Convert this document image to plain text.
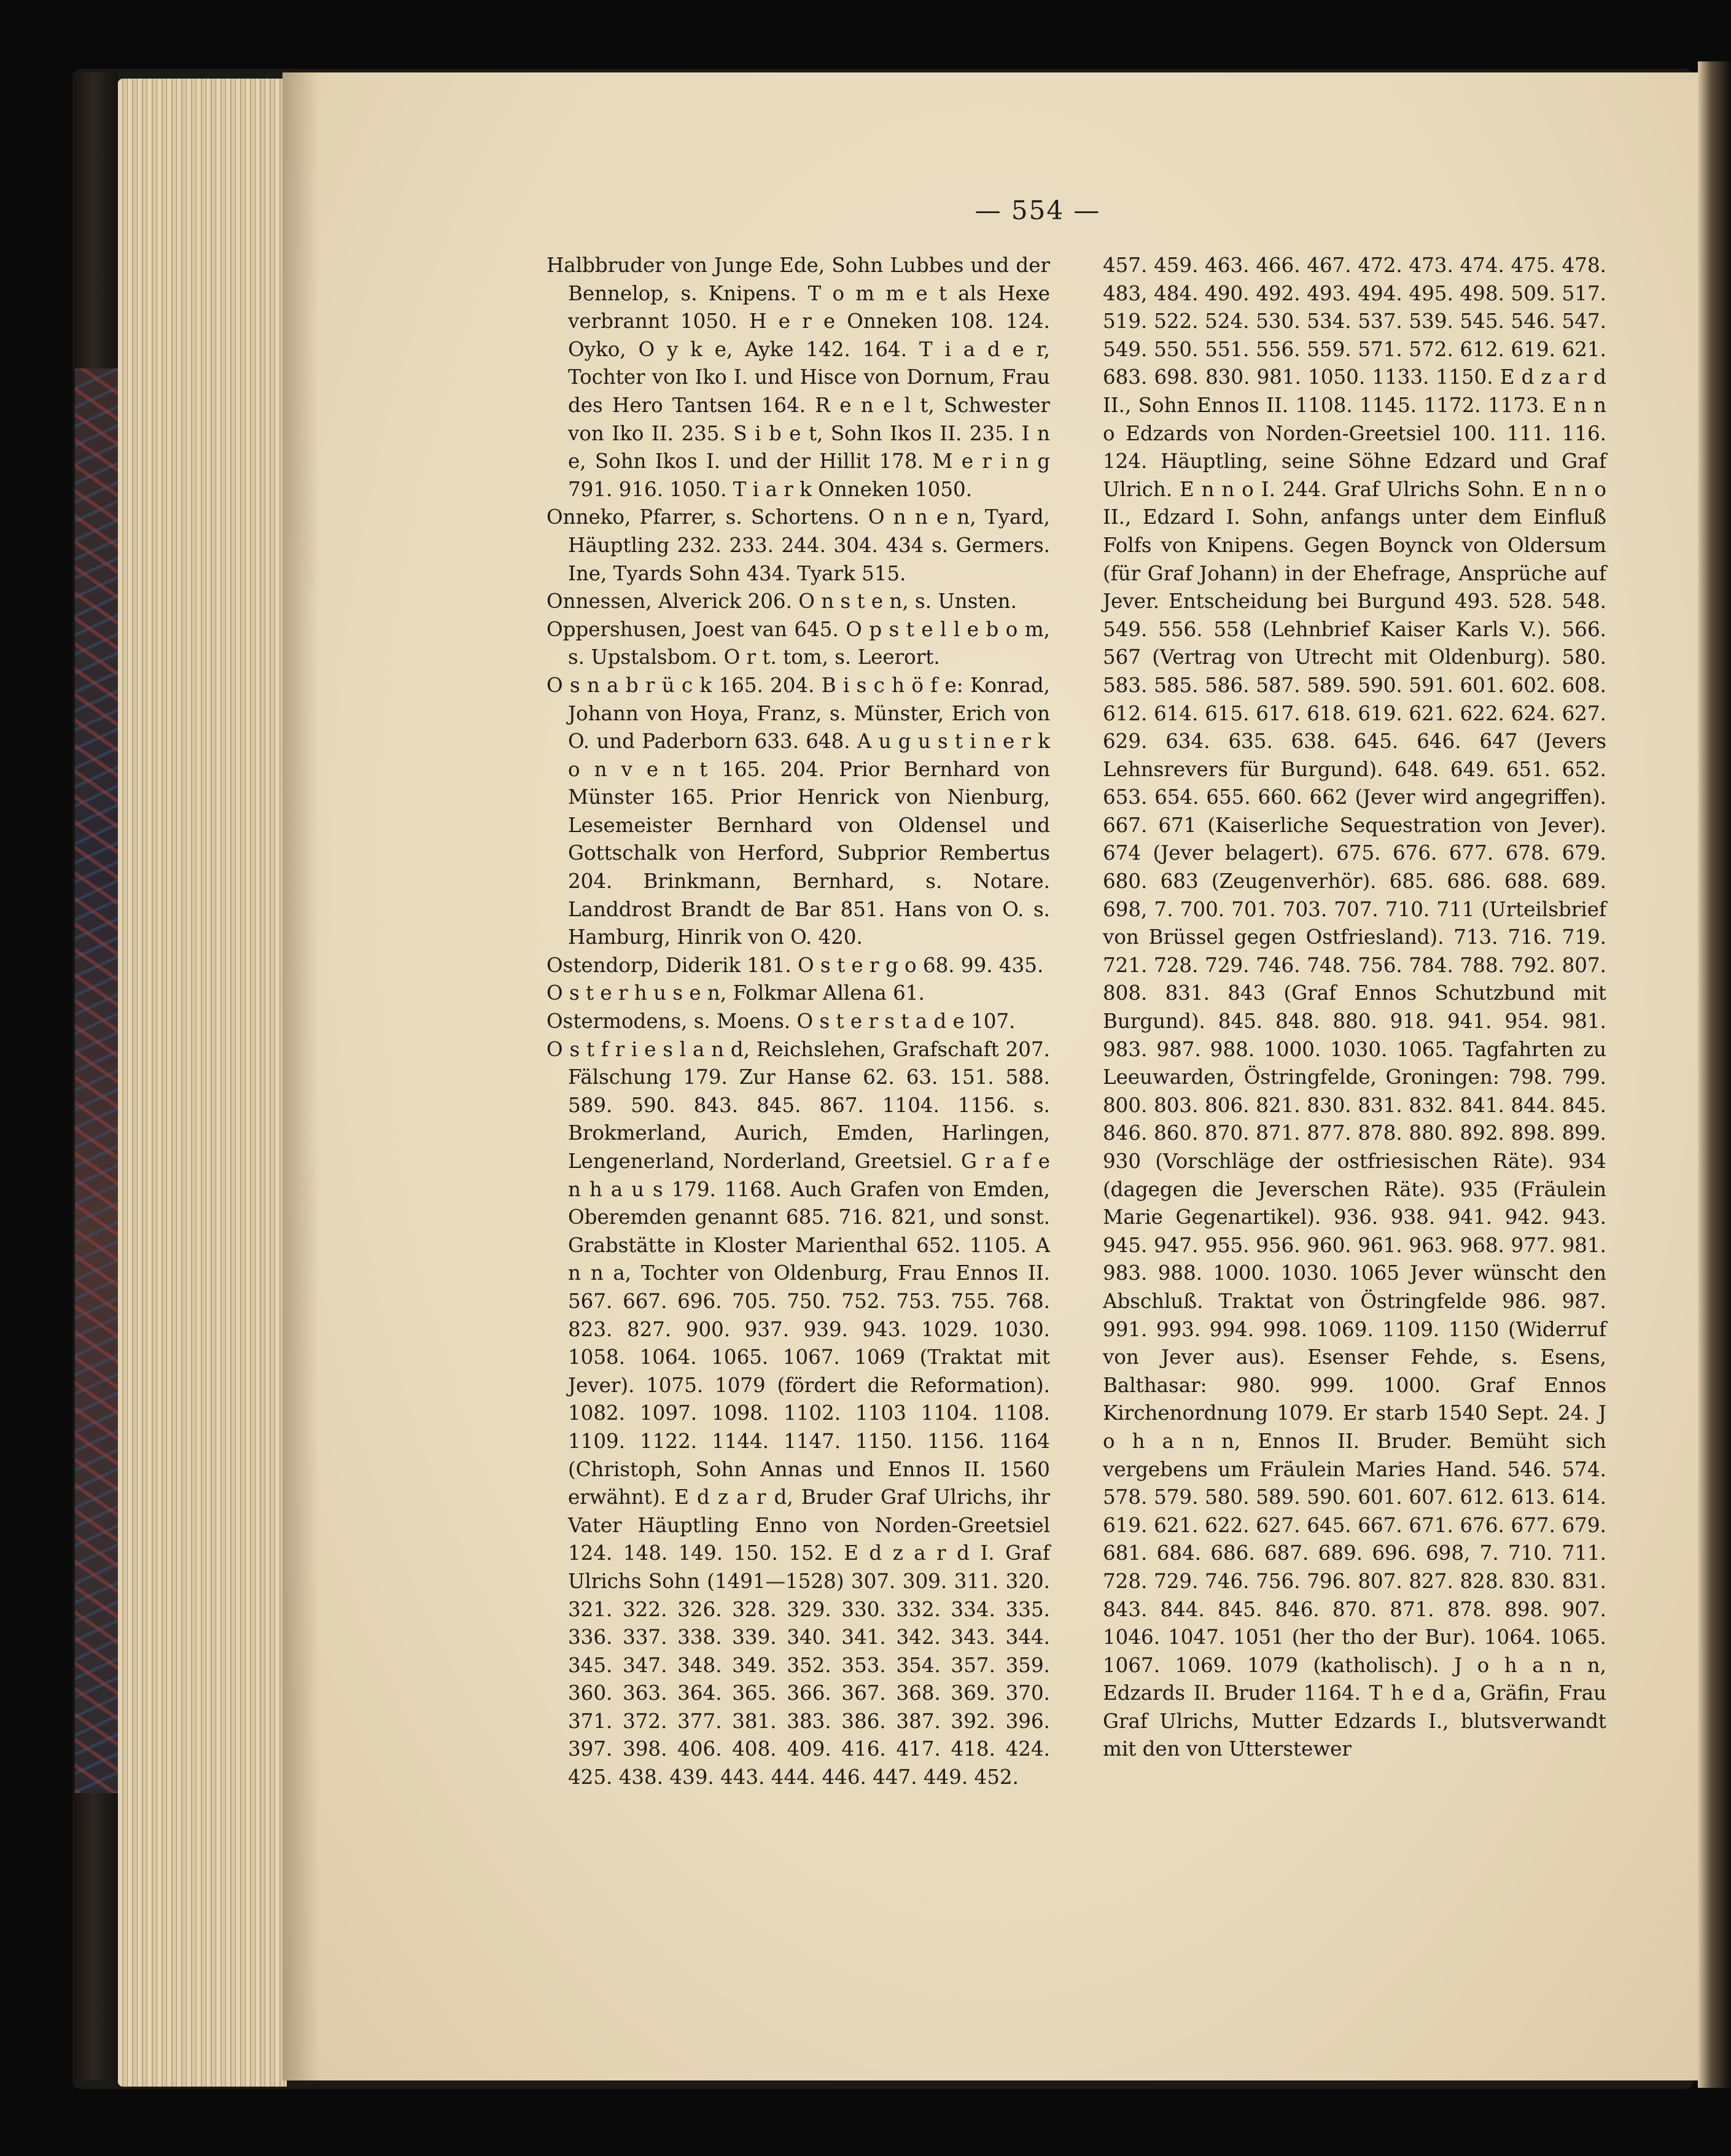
— 554 —

Halbbruder von Junge Ede, Sohn Lubbes und der Bennelop, s. Knipens. T o m m e t als Hexe verbrannt 1050. H e r e Onneken 108. 124. Oyko, O y k e, Ayke 142. 164. T i a d e r, Tochter von Iko I. und Hisce von Dornum, Frau des Hero Tantsen 164. R e n e l t, Schwester von Iko II. 235. S i b e t, Sohn Ikos II. 235. I n e, Sohn Ikos I. und der Hillit 178. M e r i n g 791. 916. 1050. T i a r k Onneken 1050.

Onneko, Pfarrer, s. Schortens. O n n e n, Tyard, Häuptling 232. 233. 244. 304. 434 s. Germers. Ine, Tyards Sohn 434. Tyark 515.

Onnessen, Alverick 206. O n s t e n, s. Unsten.

Oppershusen, Joest van 645. O p s t e l l e b o m, s. Upstalsbom. O r t. tom, s. Leerort.

O s n a b r ü c k 165. 204. B i s c h ö f e: Konrad, Johann von Hoya, Franz, s. Münster, Erich von O. und Paderborn 633. 648. A u g u s t i n e r k o n v e n t 165. 204. Prior Bernhard von Münster 165. Prior Henrick von Nienburg, Lesemeister Bernhard von Oldensel und Gottschalk von Herford, Subprior Rembertus 204. Brinkmann, Bernhard, s. Notare. Landdrost Brandt de Bar 851. Hans von O. s. Hamburg, Hinrik von O. 420.

Ostendorp, Diderik 181. O s t e r g o 68. 99. 435.

O s t e r h u s e n, Folkmar Allena 61.

Ostermodens, s. Moens. O s t e r s t a d e 107.

O s t f r i e s l a n d, Reichslehen, Grafschaft 207. Fälschung 179. Zur Hanse 62. 63. 151. 588. 589. 590. 843. 845. 867. 1104. 1156. s. Brokmerland, Aurich, Emden, Harlingen, Lengenerland, Norderland, Greetsiel. G r a f e n h a u s 179. 1168. Auch Grafen von Emden, Oberemden genannt 685. 716. 821, und sonst. Grabstätte in Kloster Marienthal 652. 1105. A n n a, Tochter von Oldenburg, Frau Ennos II. 567. 667. 696. 705. 750. 752. 753. 755. 768. 823. 827. 900. 937. 939. 943. 1029. 1030. 1058. 1064. 1065. 1067. 1069 (Traktat mit Jever). 1075. 1079 (fördert die Reformation). 1082. 1097. 1098. 1102. 1103 1104. 1108. 1109. 1122. 1144. 1147. 1150. 1156. 1164 (Christoph, Sohn Annas und Ennos II. 1560 erwähnt). E d z a r d, Bruder Graf Ulrichs, ihr Vater Häuptling Enno von Norden-Greetsiel 124. 148. 149. 150. 152. E d z a r d I. Graf Ulrichs Sohn (1491—1528) 307. 309. 311. 320. 321. 322. 326. 328. 329. 330. 332. 334. 335. 336. 337. 338. 339. 340. 341. 342. 343. 344. 345. 347. 348. 349. 352. 353. 354. 357. 359. 360. 363. 364. 365. 366. 367. 368. 369. 370. 371. 372. 377. 381. 383. 386. 387. 392. 396. 397. 398. 406. 408. 409. 416. 417. 418. 424. 425. 438. 439. 443. 444. 446. 447. 449. 452.

457. 459. 463. 466. 467. 472. 473. 474. 475. 478. 483, 484. 490. 492. 493. 494. 495. 498. 509. 517. 519. 522. 524. 530. 534. 537. 539. 545. 546. 547. 549. 550. 551. 556. 559. 571. 572. 612. 619. 621. 683. 698. 830. 981. 1050. 1133. 1150. E d z a r d II., Sohn Ennos II. 1108. 1145. 1172. 1173. E n n o Edzards von Norden-Greetsiel 100. 111. 116. 124. Häuptling, seine Söhne Edzard und Graf Ulrich. E n n o I. 244. Graf Ulrichs Sohn. E n n o II., Edzard I. Sohn, anfangs unter dem Einfluß Folfs von Knipens. Gegen Boynck von Oldersum (für Graf Johann) in der Ehefrage, Ansprüche auf Jever. Entscheidung bei Burgund 493. 528. 548. 549. 556. 558 (Lehnbrief Kaiser Karls V.). 566. 567 (Vertrag von Utrecht mit Oldenburg). 580. 583. 585. 586. 587. 589. 590. 591. 601. 602. 608. 612. 614. 615. 617. 618. 619. 621. 622. 624. 627. 629. 634. 635. 638. 645. 646. 647 (Jevers Lehnsrevers für Burgund). 648. 649. 651. 652. 653. 654. 655. 660. 662 (Jever wird angegriffen). 667. 671 (Kaiserliche Sequestration von Jever). 674 (Jever belagert). 675. 676. 677. 678. 679. 680. 683 (Zeugenverhör). 685. 686. 688. 689. 698, 7. 700. 701. 703. 707. 710. 711 (Urteilsbrief von Brüssel gegen Ostfriesland). 713. 716. 719. 721. 728. 729. 746. 748. 756. 784. 788. 792. 807. 808. 831. 843 (Graf Ennos Schutzbund mit Burgund). 845. 848. 880. 918. 941. 954. 981. 983. 987. 988. 1000. 1030. 1065. Tagfahrten zu Leeuwarden, Östringfelde, Groningen: 798. 799. 800. 803. 806. 821. 830. 831. 832. 841. 844. 845. 846. 860. 870. 871. 877. 878. 880. 892. 898. 899. 930 (Vorschläge der ostfriesischen Räte). 934 (dagegen die Jeverschen Räte). 935 (Fräulein Marie Gegenartikel). 936. 938. 941. 942. 943. 945. 947. 955. 956. 960. 961. 963. 968. 977. 981. 983. 988. 1000. 1030. 1065 Jever wünscht den Abschluß. Traktat von Östringfelde 986. 987. 991. 993. 994. 998. 1069. 1109. 1150 (Widerruf von Jever aus). Esenser Fehde, s. Esens, Balthasar: 980. 999. 1000. Graf Ennos Kirchenordnung 1079. Er starb 1540 Sept. 24. J o h a n n, Ennos II. Bruder. Bemüht sich vergebens um Fräulein Maries Hand. 546. 574. 578. 579. 580. 589. 590. 601. 607. 612. 613. 614. 619. 621. 622. 627. 645. 667. 671. 676. 677. 679. 681. 684. 686. 687. 689. 696. 698, 7. 710. 711. 728. 729. 746. 756. 796. 807. 827. 828. 830. 831. 843. 844. 845. 846. 870. 871. 878. 898. 907. 1046. 1047. 1051 (her tho der Bur). 1064. 1065. 1067. 1069. 1079 (katholisch). J o h a n n, Edzards II. Bruder 1164. T h e d a, Gräfin, Frau Graf Ulrichs, Mutter Edzards I., blutsverwandt mit den von Utterstewer
